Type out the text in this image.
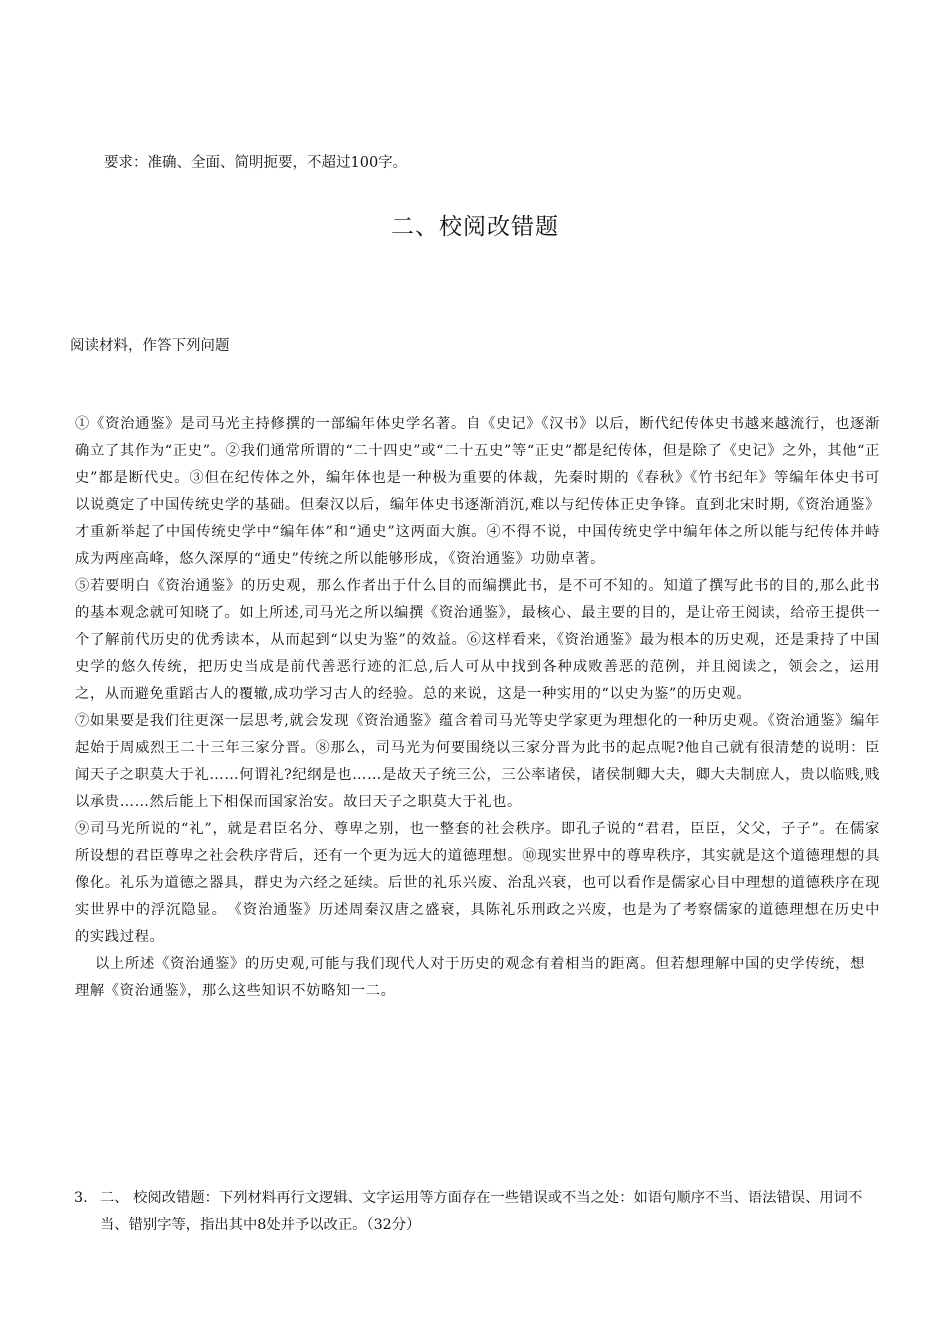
要求：准确、全面、简明扼要，不超过100字。
二、校阅改错题
阅读材料，作答下列问题

①《资治通鉴》是司马光主持修撰的一部编年体史学名著。自《史记》《汉书》以后，断代纪传体史书越来越流行，也逐渐确立了其作为“正史”。②我们通常所谓的“二十四史”或“二十五史”等“正史”都是纪传体，但是除了《史记》之外，其他“正史”都是断代史。③但在纪传体之外，编年体也是一种极为重要的体裁，先秦时期的《春秋》《竹书纪年》等编年体史书可以说奠定了中国传统史学的基础。但秦汉以后，编年体史书逐渐消沉,难以与纪传体正史争锋。直到北宋时期,《资治通鉴》才重新举起了中国传统史学中“编年体”和“通史”这两面大旗。④不得不说，中国传统史学中编年体之所以能与纪传体并峙成为两座高峰，悠久深厚的“通史”传统之所以能够形成，《资治通鉴》功勋卓著。

⑤若要明白《资治通鉴》的历史观，那么作者出于什么目的而编撰此书，是不可不知的。知道了撰写此书的目的,那么此书的基本观念就可知晓了。如上所述,司马光之所以编撰《资治通鉴》，最核心、最主要的目的，是让帝王阅读，给帝王提供一个了解前代历史的优秀读本，从而起到“以史为鉴”的效益。⑥这样看来，《资治通鉴》最为根本的历史观，还是秉持了中国史学的悠久传统，把历史当成是前代善恶行迹的汇总,后人可从中找到各种成败善恶的范例，并且阅读之，领会之，运用之，从而避免重蹈古人的覆辙,成功学习古人的经验。总的来说，这是一种实用的“以史为鉴”的历史观。

⑦如果要是我们往更深一层思考,就会发现《资治通鉴》蕴含着司马光等史学家更为理想化的一种历史观。《资治通鉴》编年起始于周威烈王二十三年三家分晋。⑧那么，司马光为何要围绕以三家分晋为此书的起点呢?他自己就有很清楚的说明：臣闻天子之职莫大于礼……何谓礼?纪纲是也……是故天子统三公，三公率诸侯，诸侯制卿大夫，卿大夫制庶人，贵以临贱,贱以承贵……然后能上下相保而国家治安。故曰天子之职莫大于礼也。

⑨司马光所说的“礼”，就是君臣名分、尊卑之别，也一整套的社会秩序。即孔子说的“君君，臣臣，父父，子子”。在儒家所设想的君臣尊卑之社会秩序背后，还有一个更为远大的道德理想。⑩现实世界中的尊卑秩序，其实就是这个道德理想的具像化。礼乐为道德之器具，群史为六经之延续。后世的礼乐兴废、治乱兴衰，也可以看作是儒家心目中理想的道德秩序在现实世界中的浮沉隐显。　《资治通鉴》历述周秦汉唐之盛衰，具陈礼乐刑政之兴废，也是为了考察儒家的道德理想在历史中的实践过程。

以上所述《资治通鉴》的历史观,可能与我们现代人对于历史的观念有着相当的距离。但若想理解中国的史学传统，想理解《资治通鉴》，那么这些知识不妨略知一二。

3. 二、 校阅改错题：下列材料再行文逻辑、文字运用等方面存在一些错误或不当之处：如语句顺序不当、语法错误、用词不当、错别字等，指出其中8处并予以改正。（32分）
